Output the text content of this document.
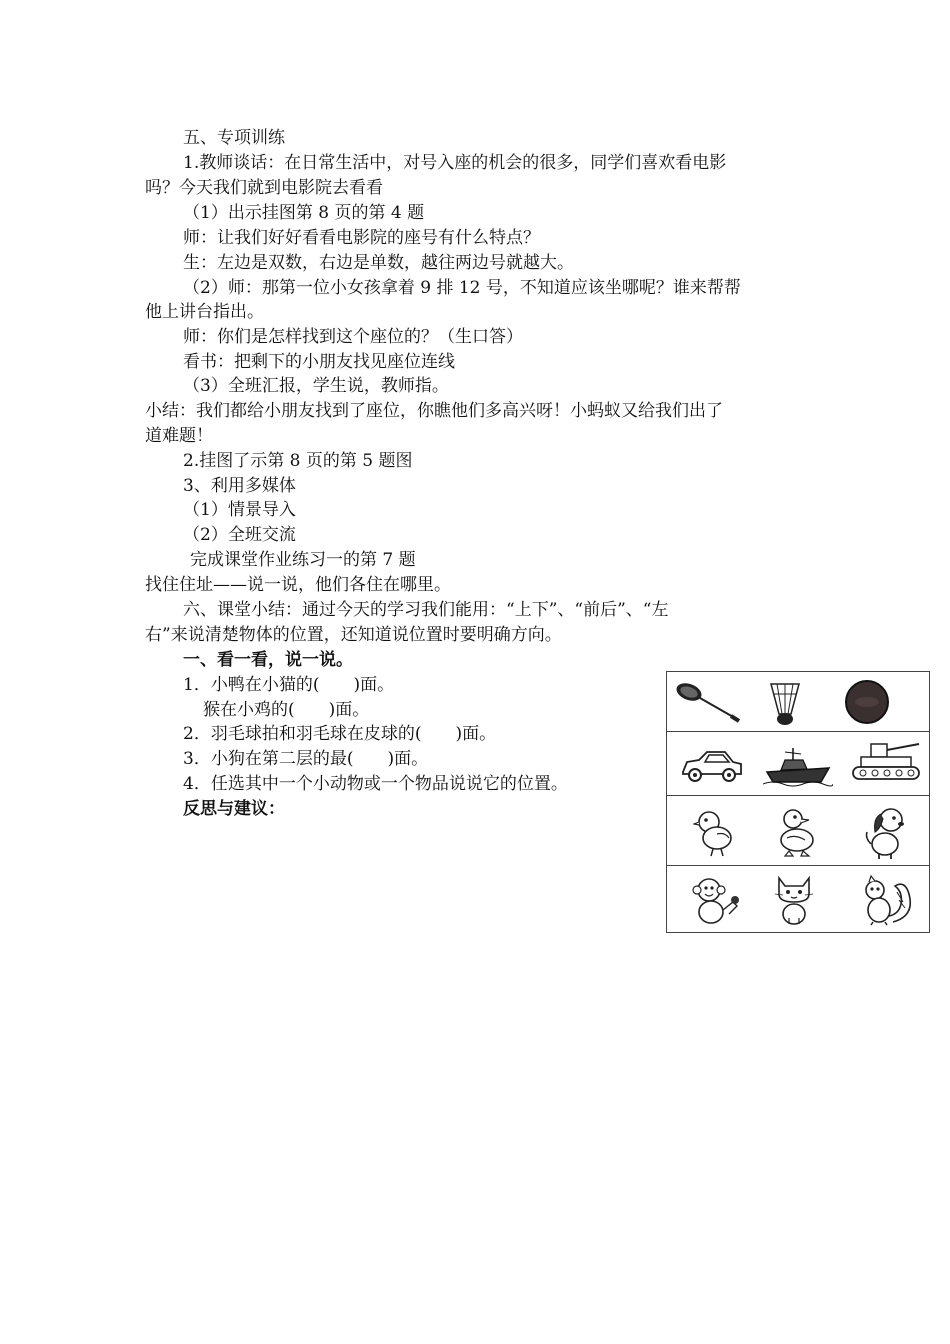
五、专项训练
1.教师谈话：在日常生活中，对号入座的机会的很多，同学们喜欢看电影
吗？今天我们就到电影院去看看
（1）出示挂图第 8 页的第 4 题
师：让我们好好看看电影院的座号有什么特点？
生：左边是双数，右边是单数，越往两边号就越大。
（2）师：那第一位小女孩拿着 9 排 12 号，不知道应该坐哪呢？谁来帮帮
他上讲台指出。
师：你们是怎样找到这个座位的？（生口答）
看书：把剩下的小朋友找见座位连线
（3）全班汇报，学生说，教师指。
小结：我们都给小朋友找到了座位，你瞧他们多高兴呀！小蚂蚁又给我们出了
道难题！
2.挂图了示第 8 页的第 5 题图
3、利用多媒体
（1）情景导入
（2）全班交流
完成课堂作业练习一的第 7 题
找住住址——说一说，他们各住在哪里。
六、课堂小结：通过今天的学习我们能用：“上下”、“前后”、“左
右”来说清楚物体的位置，还知道说位置时要明确方向。
一、看一看，说一说。
1．小鸭在小猫的(　　)面。
猴在小鸡的(　　)面。
2．羽毛球拍和羽毛球在皮球的(　　)面。
3．小狗在第二层的最(　　)面。
4．任选其中一个小动物或一个物品说说它的位置。
反思与建议：
